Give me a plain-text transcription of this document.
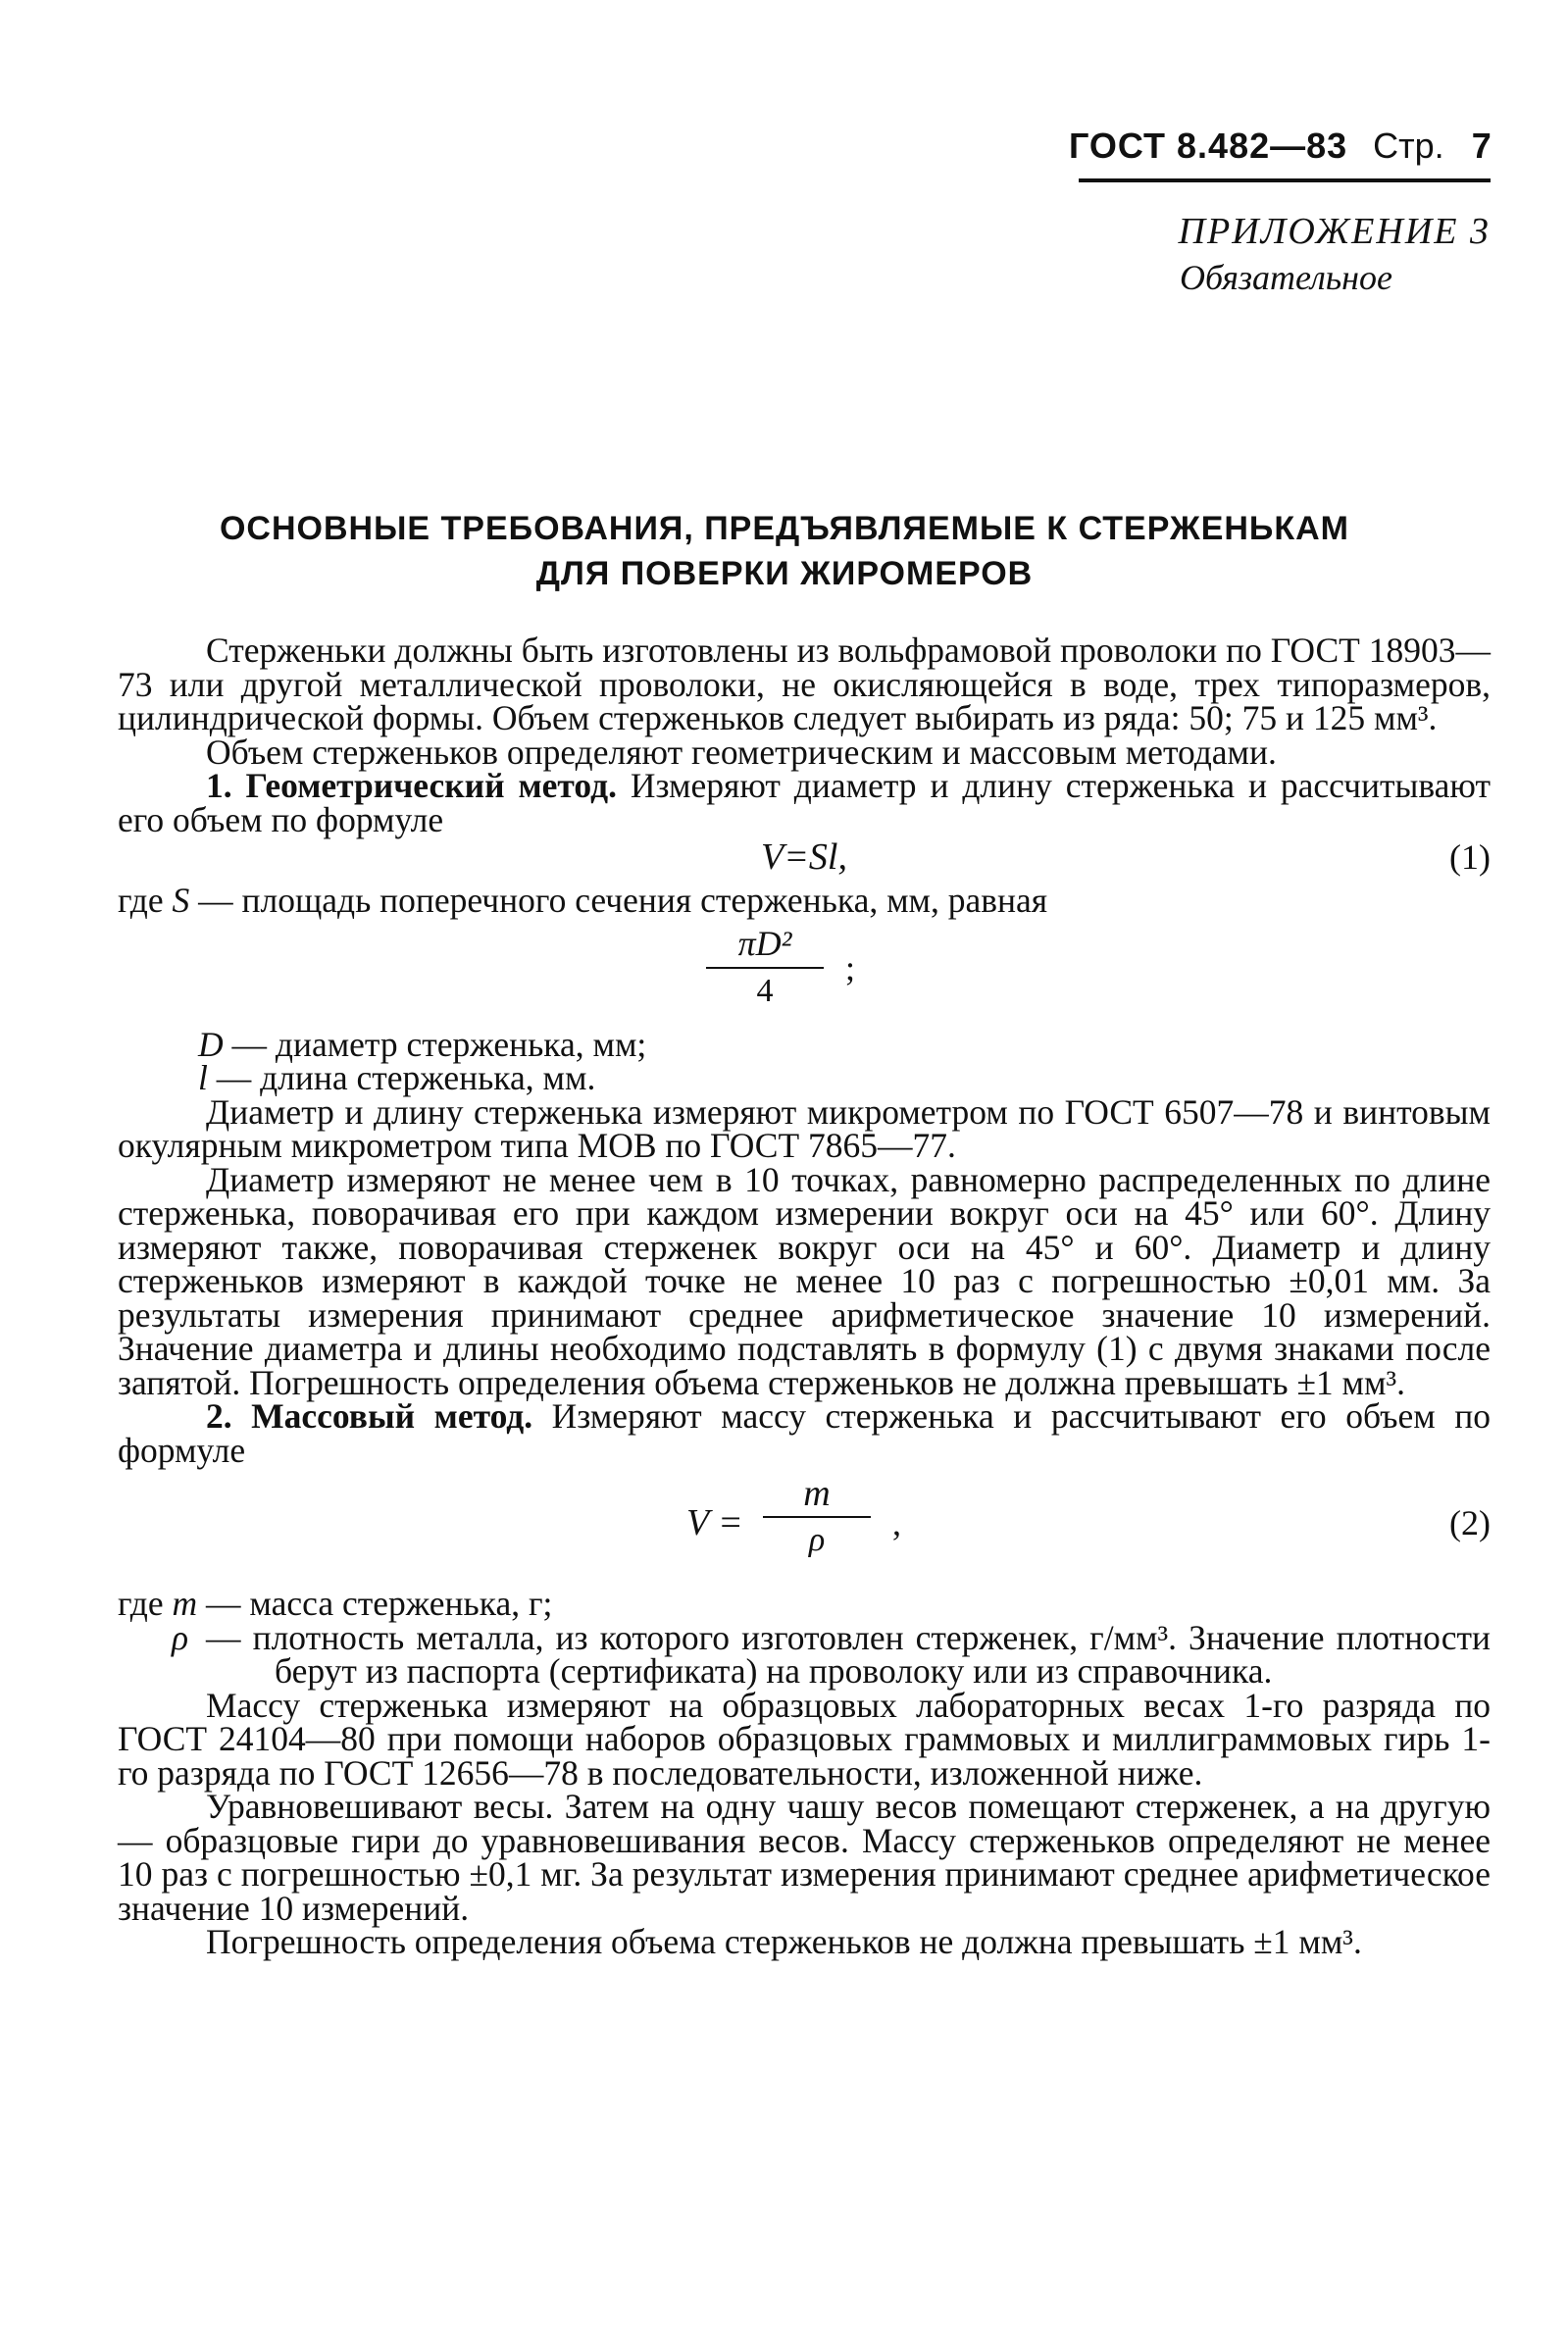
ГОСТ 8.482—83 Стр. 7
ПРИЛОЖЕНИЕ 3
Обязательное
ОСНОВНЫЕ ТРЕБОВАНИЯ, ПРЕДЪЯВЛЯЕМЫЕ К СТЕРЖЕНЬКАМ
ДЛЯ ПОВЕРКИ ЖИРОМЕРОВ

Стерженьки должны быть изготовлены из вольфрамовой проволоки по ГОСТ 18903—73 или другой металлической проволоки, не окисляющейся в воде, трех типоразмеров, цилиндрической формы. Объем стерженьков следует выбирать из ряда: 50; 75 и 125 мм³.

Объем стерженьков определяют геометрическим и массовым методами.

1. Геометрический метод. Измеряют диаметр и длину стерженька и рассчитывают его объем по формуле

V=Sl,	(1)

где S — площадь поперечного сечения стерженька, мм, равная

πD²
4
;

D — диаметр стерженька, мм;

l — длина стерженька, мм.

Диаметр и длину стерженька измеряют микрометром по ГОСТ 6507—78 и винтовым окулярным микрометром типа МОВ по ГОСТ 7865—77.

Диаметр измеряют не менее чем в 10 точках, равномерно распределенных по длине стерженька, поворачивая его при каждом измерении вокруг оси на 45° или 60°. Длину измеряют также, поворачивая стерженек вокруг оси на 45° и 60°. Диаметр и длину стерженьков измеряют в каждой точке не менее 10 раз с погрешностью ±0,01 мм. За результаты измерения принимают среднее арифметическое значение 10 измерений. Значение диаметра и длины необходимо подставлять в формулу (1) с двумя знаками после запятой. Погрешность определения объема стерженьков не должна превышать ±1 мм³.

2. Массовый метод. Измеряют массу стерженька и рассчитывают его объем по формуле

V =
m
ρ	,	(2)

где m — масса стерженька, г;

ρ — плотность металла, из которого изготовлен стерженек, г/мм³. Значение плотности берут из паспорта (сертификата) на проволоку или из справочника.

Массу стерженька измеряют на образцовых лабораторных весах 1-го разряда по ГОСТ 24104—80 при помощи наборов образцовых граммовых и миллиграммовых гирь 1-го разряда по ГОСТ 12656—78 в последовательности, изложенной ниже.

Уравновешивают весы. Затем на одну чашу весов помещают стерженек, а на другую — образцовые гири до уравновешивания весов. Массу стерженьков определяют не менее 10 раз с погрешностью ±0,1 мг. За результат измерения принимают среднее арифметическое значение 10 измерений.

Погрешность определения объема стерженьков не должна превышать ±1 мм³.
